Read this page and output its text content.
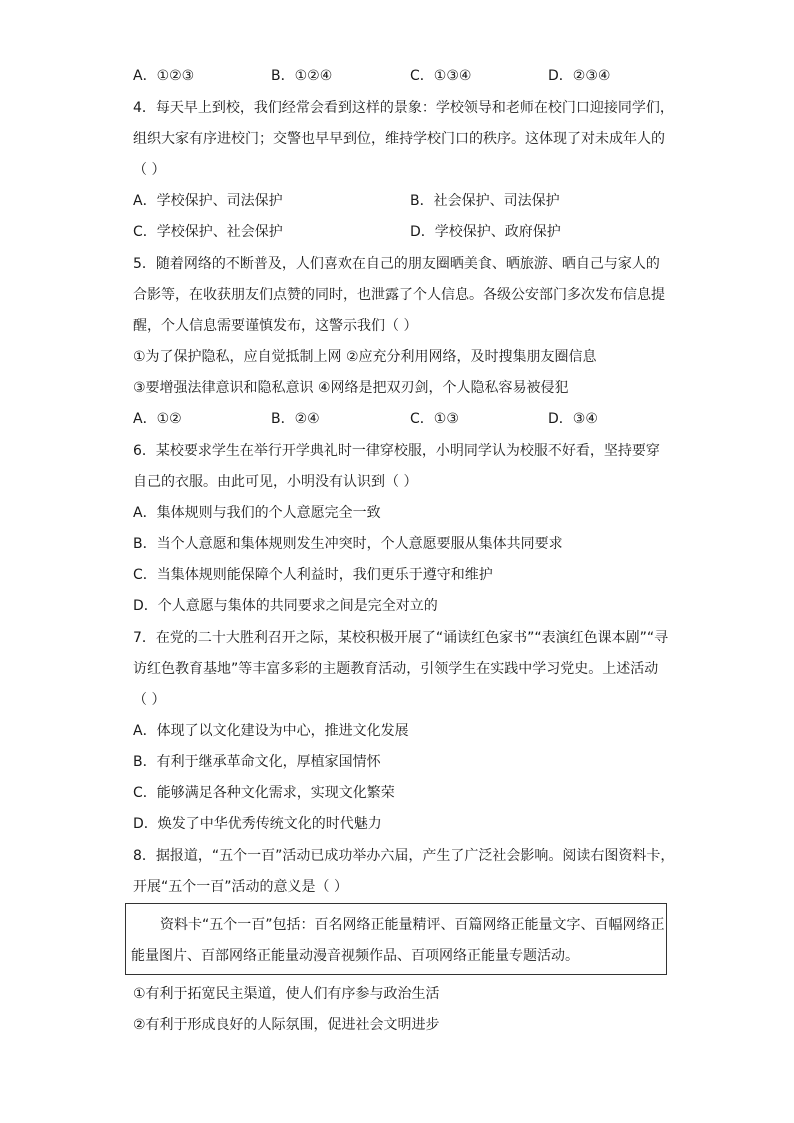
A．①②③	B．①②④	C．①③④	D．②③④
4．每天早上到校，我们经常会看到这样的景象：学校领导和老师在校门口迎接同学们，
组织大家有序进校门；交警也早早到位，维持学校门口的秩序。这体现了对未成年人的
（ ）
A．学校保护、司法保护	B．社会保护、司法保护
C．学校保护、社会保护	D．学校保护、政府保护
5．随着网络的不断普及，人们喜欢在自己的朋友圈晒美食、晒旅游、晒自己与家人的
合影等，在收获朋友们点赞的同时，也泄露了个人信息。各级公安部门多次发布信息提
醒，个人信息需要谨慎发布，这警示我们（ ）
①为了保护隐私，应自觉抵制上网 ②应充分利用网络，及时搜集朋友圈信息
③要增强法律意识和隐私意识 ④网络是把双刃剑，个人隐私容易被侵犯
A．①②	B．②④	C．①③	D．③④
6．某校要求学生在举行开学典礼时一律穿校服，小明同学认为校服不好看，坚持要穿
自己的衣服。由此可见，小明没有认识到（ ）
A．集体规则与我们的个人意愿完全一致
B．当个人意愿和集体规则发生冲突时，个人意愿要服从集体共同要求
C．当集体规则能保障个人利益时，我们更乐于遵守和维护
D．个人意愿与集体的共同要求之间是完全对立的
7．在党的二十大胜利召开之际，某校积极开展了“诵读红色家书”“表演红色课本剧”“寻
访红色教育基地”等丰富多彩的主题教育活动，引领学生在实践中学习党史。上述活动
（ ）
A．体现了以文化建设为中心，推进文化发展
B．有利于继承革命文化，厚植家国情怀
C．能够满足各种文化需求，实现文化繁荣
D．焕发了中华优秀传统文化的时代魅力
8．据报道，“五个一百”活动已成功举办六届，产生了广泛社会影响。阅读右图资料卡，
开展“五个一百”活动的意义是（ ）
资料卡“五个一百”包括：百名网络正能量精评、百篇网络正能量文字、百幅网络正
能量图片、百部网络正能量动漫音视频作品、百项网络正能量专题活动。
①有利于拓宽民主渠道，使人们有序参与政治生活
②有利于形成良好的人际氛围，促进社会文明进步
